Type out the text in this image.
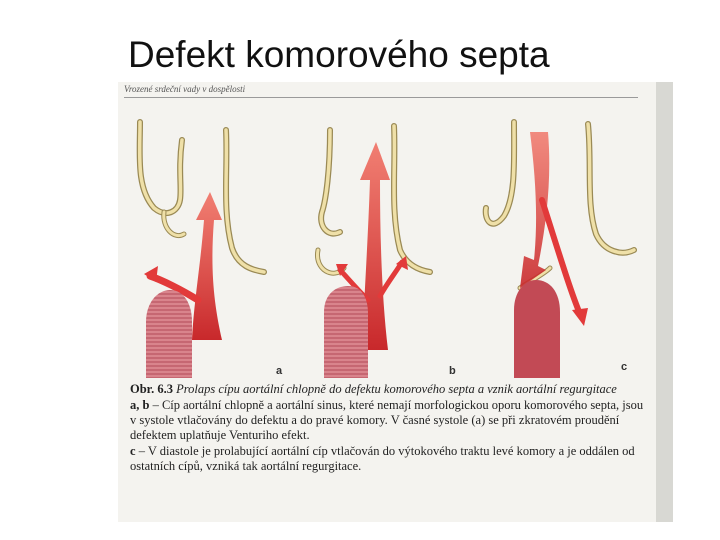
Defekt komorového septa
Vrozené srdeční vady v dospělosti
a	b	c

Obr. 6.3 Prolaps cípu aortální chlopně do defektu komorového septa a vznik aortální regurgitace

a, b – Cíp aortální chlopně a aortální sinus, které nemají morfologickou oporu komorového septa, jsou v systole vtlačovány do defektu a do pravé komory. V časné systole (a) se při zkratovém proudění defektem uplatňuje Venturiho efekt.

c – V diastole je prolabující aortální cíp vtlačován do výtokového traktu levé komory a je oddálen od ostatních cípů, vzniká tak aortální regurgitace.
